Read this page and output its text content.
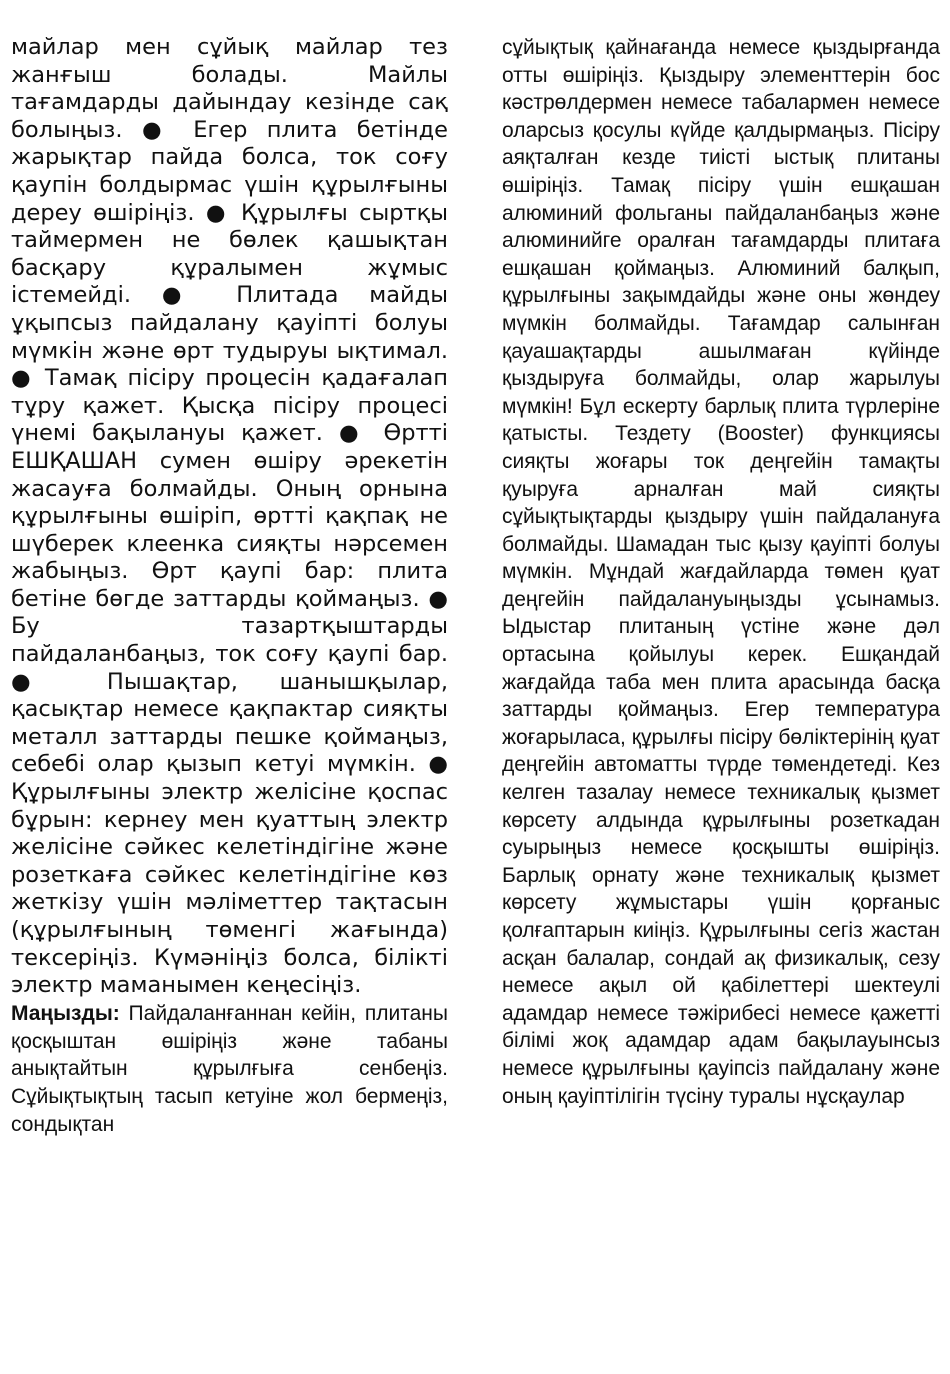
майлар мен сұйық майлар тез жанғыш болады. Майлы тағамдарды дайындау кезінде сақ болыңыз. ● Егер плита бетінде жарықтар пайда болса, ток соғу қаупін болдырмас үшін құрылғыны дереу өшіріңіз. ● Құрылғы сыртқы таймермен не бөлек қашықтан басқару құралымен жұмыс істемейді. ● Плитада майды ұқыпсыз пайдалану қауіпті болуы мүмкін және өрт тудыруы ықтимал. ● Тамақ пісіру процесін қадағалап тұру қажет. Қысқа пісіру процесі үнемі бақылануы қажет. ● Өртті ЕШҚАШАН сумен өшіру әрекетін жасауға болмайды. Оның орнына құрылғыны өшіріп, өртті қақпақ не шүберек клеенка сияқты нәрсемен жабыңыз. Өрт қаупі бар: плита бетіне бөгде заттарды қоймаңыз. ● Бу тазартқыштарды пайдаланбаңыз, ток соғу қаупі бар. ● Пышақтар, шанышқылар, қасықтар немесе қақпактар сияқты металл заттарды пешке қоймаңыз, себебі олар қызып кетуі мүмкін. ● Құрылғыны электр желісіне қоспас бұрын: кернеу мен қуаттың электр желісіне сәйкес келетіндігіне және розеткаға сәйкес келетіндігіне көз жеткізу үшін мәліметтер тақтасын (құрылғының төменгі жағында) тексеріңіз. Күмәніңіз болса, білікті электр маманымен кеңесіңіз.

Маңызды: Пайдаланғаннан кейін, плитаны қосқыштан өшіріңіз және табаны анықтайтын құрылғыға сенбеңіз. Сұйықтықтың тасып кетуіне жол бермеңіз, сондықтан

сұйықтық қайнағанда немесе қыздырғанда отты өшіріңіз. Қыздыру элементтерін бос кәстрөлдермен немесе табалармен немесе оларсыз қосулы күйде қалдырмаңыз. Пісіру аяқталған кезде тиісті ыстық плитаны өшіріңіз. Тамақ пісіру үшін ешқашан алюминий фольганы пайдаланбаңыз және алюминийге оралған тағамдарды плитаға ешқашан қоймаңыз. Алюминий балқып, құрылғыны зақымдайды және оны жөндеу мүмкін болмайды. Тағамдар салынған қауашақтарды ашылмаған күйінде қыздыруға болмайды, олар жарылуы мүмкін! Бұл ескерту барлық плита түрлеріне қатысты. Тездету (Booster) функциясы сияқты жоғары ток деңгейін тамақты қуыруға арналған май сияқты сұйықтықтарды қыздыру үшін пайдалануға болмайды. Шамадан тыс қызу қауіпті болуы мүмкін. Мұндай жағдайларда төмен қуат деңгейін пайдалануыңызды ұсынамыз. Ыдыстар плитаның үстіне және дәл ортасына қойылуы керек. Ешқандай жағдайда таба мен плита арасында басқа заттарды қоймаңыз. Егер температура жоғарыласа, құрылғы пісіру бөліктерінің қуат деңгейін автоматты түрде төмендетеді. Кез келген тазалау немесе техникалық қызмет көрсету алдында құрылғыны розеткадан суырыңыз немесе қосқышты өшіріңіз. Барлық орнату және техникалық қызмет көрсету жұмыстары үшін қорғаныс қолғаптарын киіңіз. Құрылғыны сегіз жастан асқан балалар, сондай ақ физикалық, сезу немесе ақыл ой қабілеттері шектеулі адамдар немесе тәжірибесі немесе қажетті білімі жоқ адамдар адам бақылауынсыз немесе құрылғыны қауіпсіз пайдалану және оның қауіптілігін түсіну туралы нұсқаулар
